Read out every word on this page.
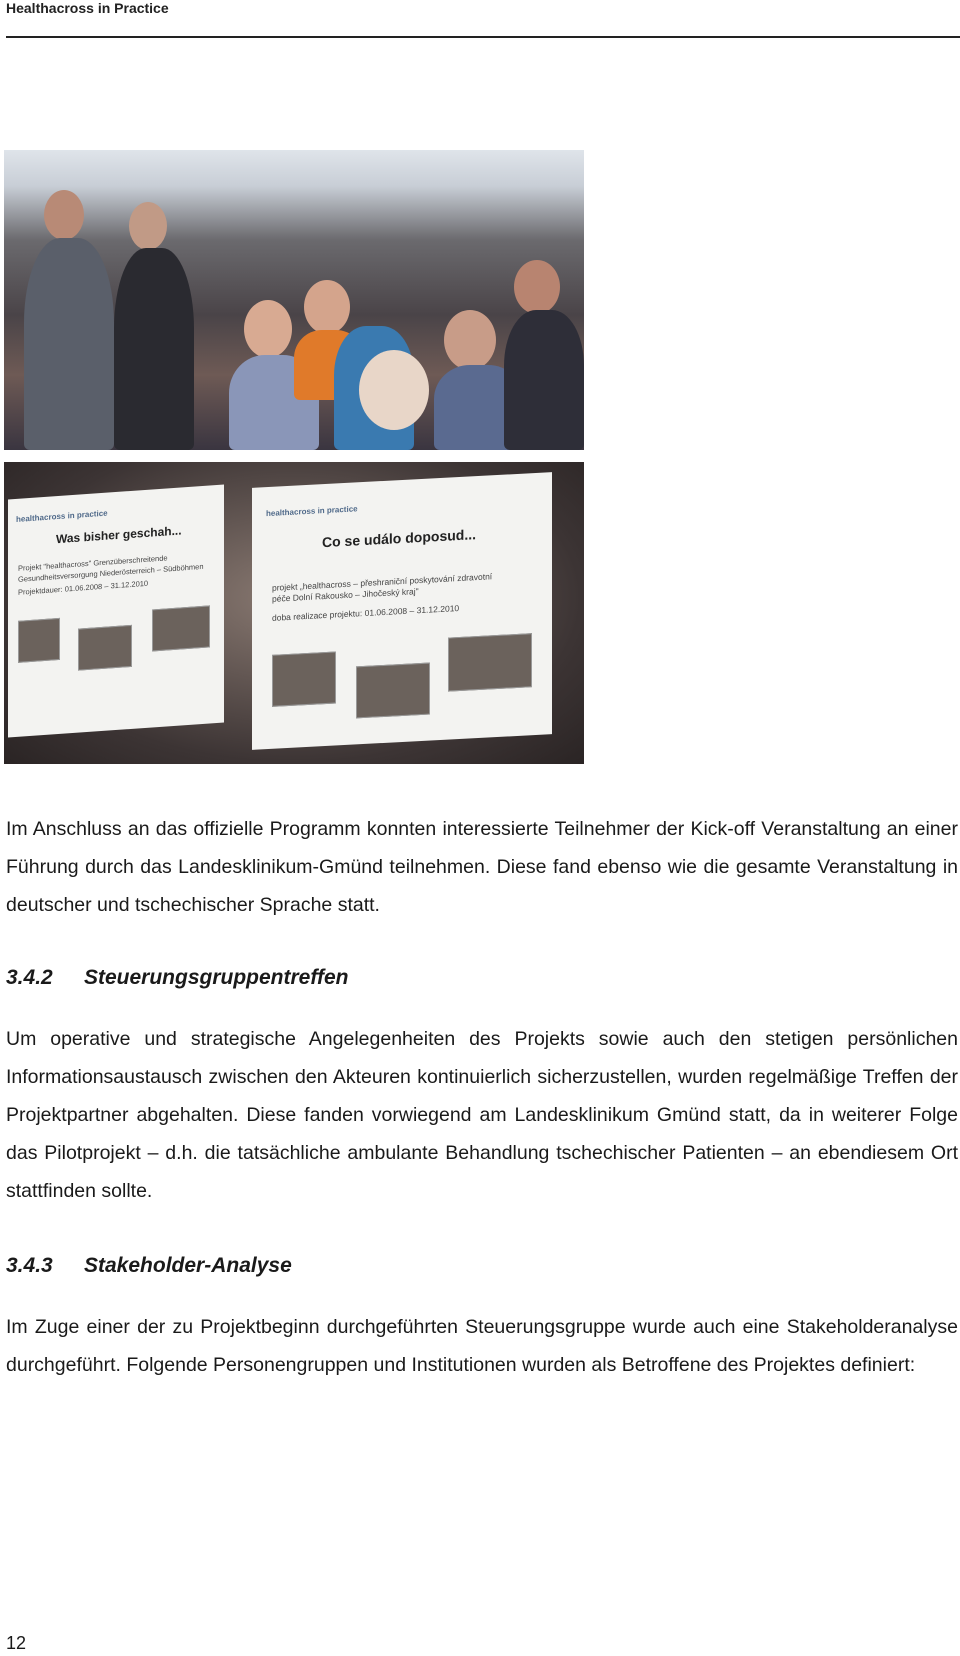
Healthacross in Practice
healthacross in practice
Was bisher geschah...
Projekt "healthacross" Grenzüberschreitende Gesundheitsversorgung Niederösterreich – Südböhmen
Projektdauer: 01.06.2008 – 31.12.2010
healthacross in practice
Co se událo doposud...
projekt „healthacross – přeshraniční poskytování zdravotní péče Dolní Rakousko – Jihočeský kraj"
doba realizace projektu: 01.06.2008 – 31.12.2010

Im Anschluss an das offizielle Programm konnten interessierte Teilnehmer der Kick-off Veranstaltung an einer Führung durch das Landesklinikum-Gmünd teilnehmen. Diese fand ebenso wie die gesamte Veranstaltung in deutscher und tschechischer Sprache statt.

3.4.2 Steuerungsgruppentreffen

Um operative und strategische Angelegenheiten des Projekts sowie auch den stetigen persönlichen Informationsaustausch zwischen den Akteuren kontinuierlich sicherzustellen, wurden regelmäßige Treffen der Projektpartner abgehalten. Diese fanden vorwiegend am Landesklinikum Gmünd statt, da in weiterer Folge das Pilotprojekt – d.h. die tatsächliche ambulante Behandlung tschechischer Patienten – an ebendiesem Ort stattfinden sollte.

3.4.3 Stakeholder-Analyse

Im Zuge einer der zu Projektbeginn durchgeführten Steuerungsgruppe wurde auch eine Stakeholderanalyse durchgeführt. Folgende Personengruppen und Institutionen wurden als Betroffene des Projektes definiert:

12
